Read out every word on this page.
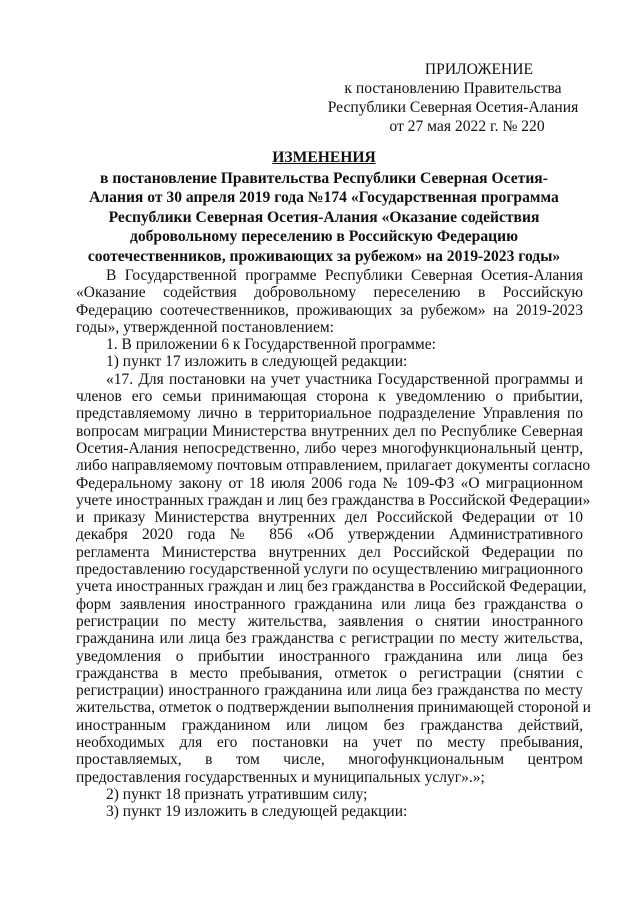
ПРИЛОЖЕНИЕ
к постановлению Правительства
Республики Северная Осетия-Алания
от 27 мая 2022 г. № 220
ИЗМЕНЕНИЯ
в постановление Правительства Республики Северная Осетия-
Алания от 30 апреля 2019 года №174 «Государственная программа
Республики Северная Осетия-Алания «Оказание содействия
добровольному переселению в Российскую Федерацию
соотечественников, проживающих за рубежом» на 2019-2023 годы»
В Государственной программе Республики Северная Осетия-Алания
«Оказание содействия добровольному переселению в Российскую
Федерацию соотечественников, проживающих за рубежом» на 2019-2023
годы», утвержденной постановлением:
1. В приложении 6 к Государственной программе:
1) пункт 17 изложить в следующей редакции:
«17. Для постановки на учет участника Государственной программы и
членов его семьи принимающая сторона к уведомлению о прибытии,
представляемому лично в территориальное подразделение Управления по
вопросам миграции Министерства внутренних дел по Республике Северная
Осетия-Алания непосредственно, либо через многофункциональный центр,
либо направляемому почтовым отправлением, прилагает документы согласно
Федеральному закону от 18 июля 2006 года № 109-ФЗ «О миграционном
учете иностранных граждан и лиц без гражданства в Российской Федерации»
и приказу Министерства внутренних дел Российской Федерации от 10
декабря 2020 года № 856 «Об утверждении Административного
регламента Министерства внутренних дел Российской Федерации по
предоставлению государственной услуги по осуществлению миграционного
учета иностранных граждан и лиц без гражданства в Российской Федерации,
форм заявления иностранного гражданина или лица без гражданства о
регистрации по месту жительства, заявления о снятии иностранного
гражданина или лица без гражданства с регистрации по месту жительства,
уведомления о прибытии иностранного гражданина или лица без
гражданства в место пребывания, отметок о регистрации (снятии с
регистрации) иностранного гражданина или лица без гражданства по месту
жительства, отметок о подтверждении выполнения принимающей стороной и
иностранным гражданином или лицом без гражданства действий,
необходимых для его постановки на учет по месту пребывания,
проставляемых, в том числе, многофункциональным центром
предоставления государственных и муниципальных услуг».»;
2) пункт 18 признать утратившим силу;
3) пункт 19 изложить в следующей редакции:
